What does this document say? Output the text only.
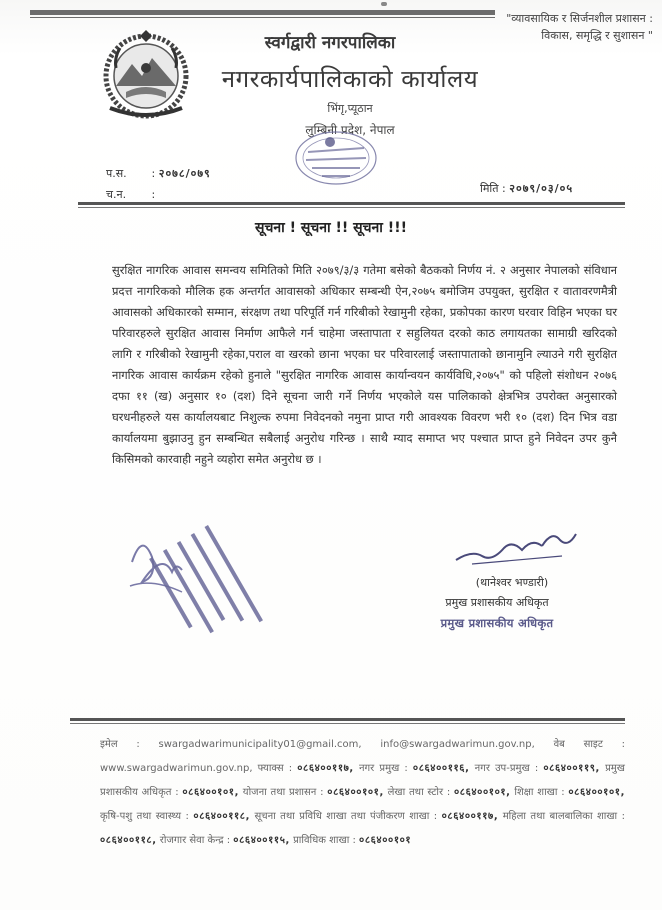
"व्यावसायिक र सिर्जनशील प्रशासन :
विकास, समृद्धि र सुशासन "
स्वर्गद्वारी नगरपालिका
नगरकार्यपालिकाको कार्यालय
भिंगृ,प्यूठान
लुम्बिनी प्रदेश, नेपाल
प.स. : २०७८/०७९
च.न. :	मिति : २०७९/०३/०५
सूचना ! सूचना !! सूचना !!!
सुरक्षित नागरिक आवास समन्वय समितिको मिति २०७९/३/३ गतेमा बसेको बैठकको निर्णय नं. २ अनुसार नेपालको संविधान प्रदत्त नागरिकको मौलिक हक अन्तर्गत आवासको अधिकार सम्बन्धी ऐन,२०७५ बमोजिम उपयुक्त, सुरक्षित र वातावरणमैत्री आवासको अधिकारको सम्मान, संरक्षण तथा परिपूर्ति गर्न गरिबीको रेखामुनी रहेका, प्रकोपका कारण घरवार विहिन भएका घर परिवारहरुले सुरक्षित आवास निर्माण आफैले गर्न चाहेमा जस्तापाता र सहुलियत दरको काठ लगायतका सामाग्री खरिदको लागि र गरिबीको रेखामुनी रहेका,पराल वा खरको छाना भएका घर परिवारलाई जस्तापाताको छानामुनि ल्याउने गरी सुरक्षित नागरिक आवास कार्यक्रम रहेको हुनाले "सुरक्षित नागरिक आवास कार्यान्वयन कार्यविधि,२०७५" को पहिलो संशोधन २०७६ दफा ११ (ख) अनुसार १० (दश) दिने सूचना जारी गर्ने निर्णय भएकोले यस पालिकाको क्षेत्रभित्र उपरोक्त अनुसारको घरधनीहरुले यस कार्यालयबाट निशुल्क रुपमा निवेदनको नमुना प्राप्त गरी आवश्यक विवरण भरी १० (दश) दिन भित्र वडा कार्यालयमा बुझाउनु हुन सम्बन्धित सबैलाई अनुरोध गरिन्छ । साथै म्याद समाप्त भए पश्चात प्राप्त हुने निवेदन उपर कुनै किसिमको कारवाही नहुने व्यहोरा समेत अनुरोध छ ।
(थानेश्वर भण्डारी)
प्रमुख प्रशासकीय अधिकृत
प्रमुख प्रशासकीय अधिकृत
इमेल : swargadwarimunicipality01@gmail.com, info@swargadwarimun.gov.np, वेब साइट : www.swargadwarimun.gov.np, फ्याक्स : ०८६४००११७, नगर प्रमुख : ०८६४००११६, नगर उप-प्रमुख : ०८६४००११९, प्रमुख प्रशासकीय अधिकृत : ०८६४००१०१, योजना तथा प्रशासन : ०८६४००१०१, लेखा तथा स्टोर : ०८६४००१०१, शिक्षा शाखा : ०८६४००१०१, कृषि-पशु तथा स्वास्थ्य : ०८६४००११८, सूचना तथा प्रविधि शाखा तथा पंजीकरण शाखा : ०८६४००११७, महिला तथा बालबालिका शाखा : ०८६४००११८, रोजगार सेवा केन्द्र : ०८६४००११५, प्राविधिक शाखा : ०८६४००१०१
